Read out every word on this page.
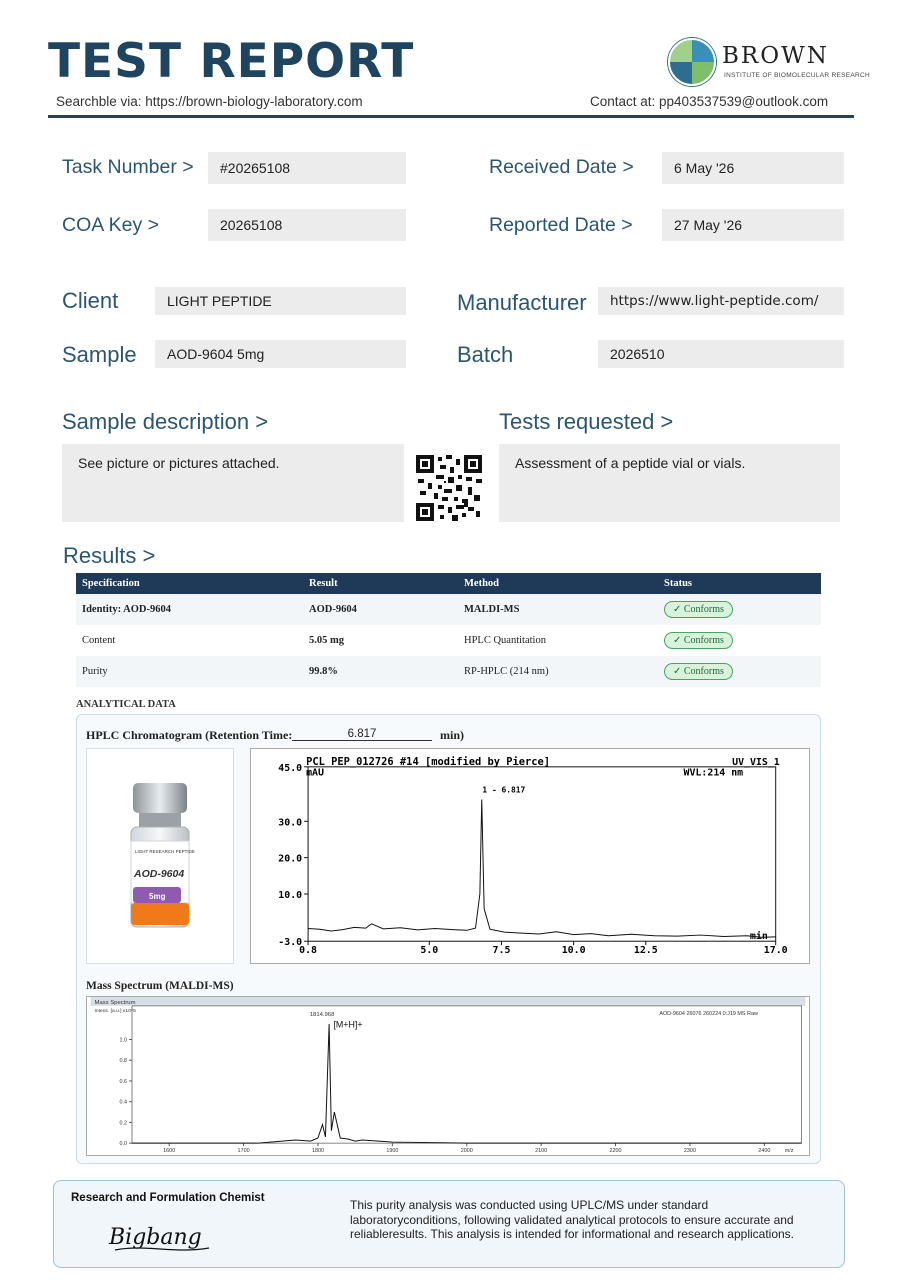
TEST REPORT
Searchble via: https://brown-biology-laboratory.com	Contact at: pp403537539@outlook.com
BROWN
INSTITUTE OF BIOMOLECULAR RESEARCH
Task Number >	#20265108
COA Key >	20265108
Received Date >	6 May '26
Reported Date >	27 May '26
Client	LIGHT PEPTIDE
Sample	AOD-9604 5mg
Manufacturer	https://www.light-peptide.com/
Batch	2026510
Sample description >
See picture or pictures attached.
Tests requested >
Assessment of a peptide vial or vials.
Results >
Specification	Result	Method	Status
Identity: AOD-9604	AOD-9604	MALDI-MS	✓ Conforms
Content	5.05 mg	HPLC Quantitation	✓ Conforms
Purity	99.8%	RP-HPLC (214 nm)	✓ Conforms
ANALYTICAL DATA
HPLC Chromatogram (Retention Time:	6.817	min)
LIGHT RESEARCH PEPTIDE
AOD-9604
5mg
PCL PEP_012726 #14 [modified by Pierce]	UV_VIS_1
WVL:214 nm
mAU
min
1 - 6.817
45.0
30.0
20.0
10.0
-3.0
0.8	5.0	7.5	10.0	12.5	17.0
Mass Spectrum (MALDI-MS)
Mass Spectrum
AOD-9604 26076 260224 0:J19 MS Raw
Intens. [a.u.] x10^5
m/z
1814.968
[M+H]+
1.0
0.8
0.6
0.4
0.2
0.0
1600	1700	1800	1900	2000	2100	2200	2300	2400
Research and Formulation Chemist
Bigbang
This purity analysis was conducted using UPLC/MS under standard laboratoryconditions, following validated analytical protocols to ensure accurate and reliableresults. This analysis is intended for informational and research applications.
